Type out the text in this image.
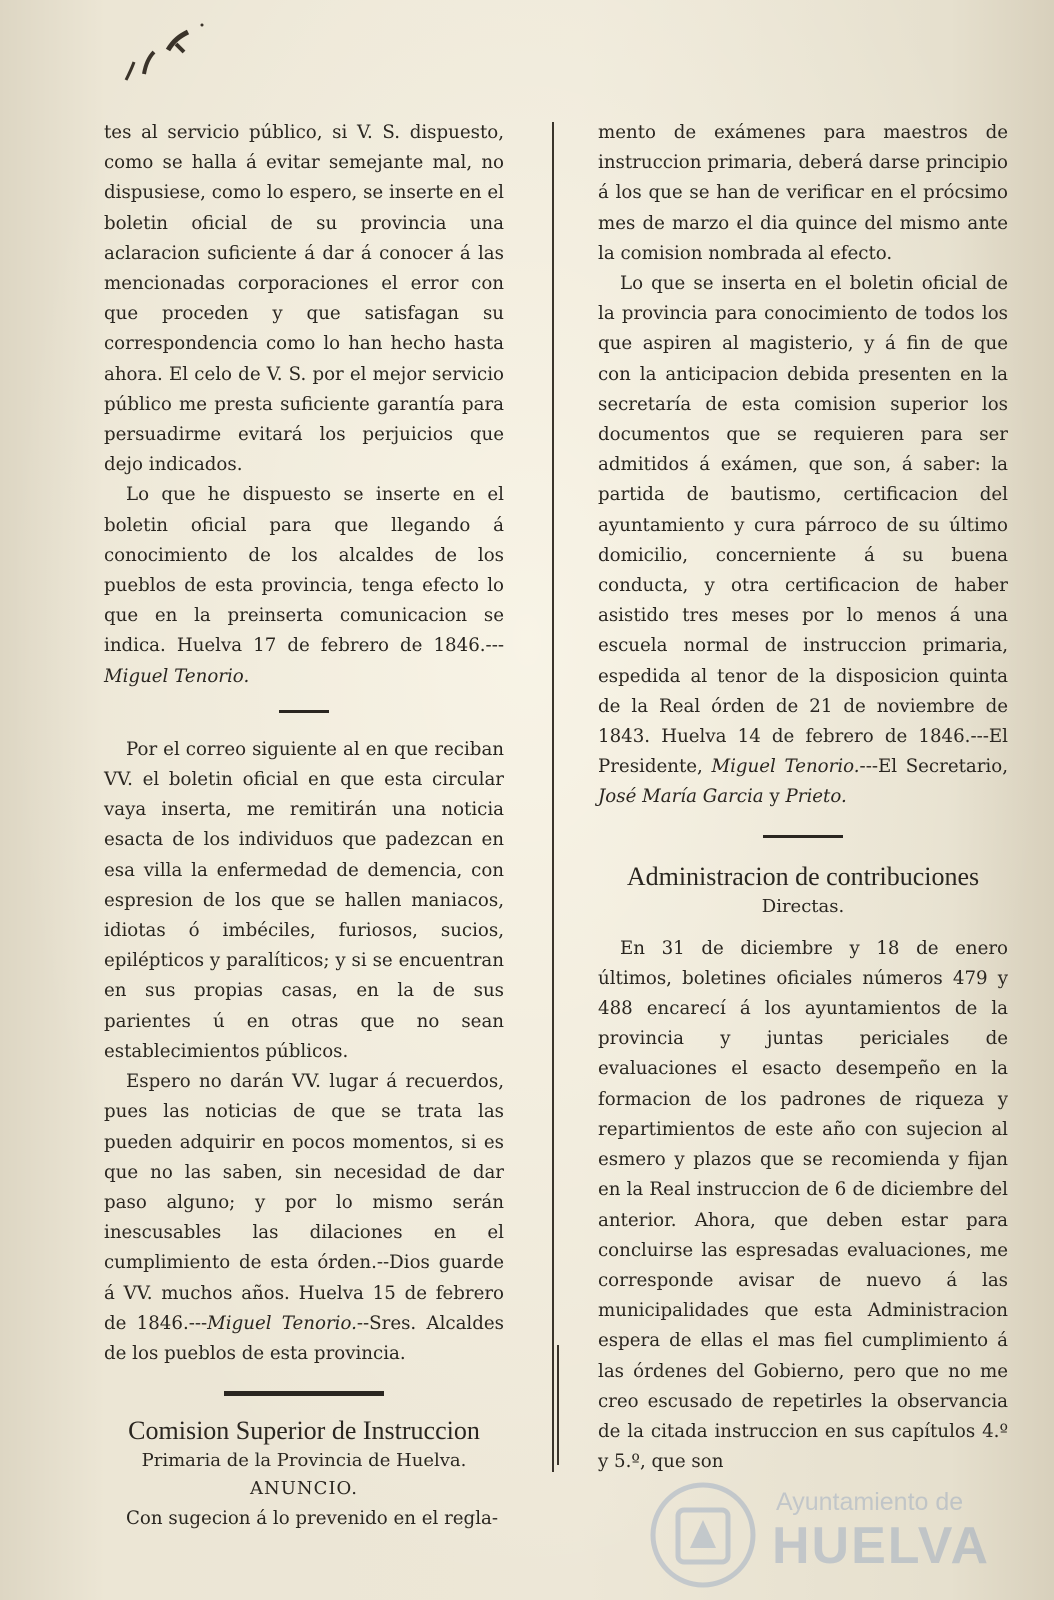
tes al servicio público, si V. S. dispuesto, como se halla á evitar semejante mal, no dispusiese, como lo espero, se inserte en el boletin oficial de su provincia una aclaracion suficiente á dar á conocer á las mencionadas corporaciones el error con que proceden y que satisfagan su correspondencia como lo han hecho hasta ahora. El celo de V. S. por el mejor servicio público me presta suficiente garantía para persuadirme evitará los perjuicios que dejo indicados.

Lo que he dispuesto se inserte en el boletin oficial para que llegando á conocimiento de los alcaldes de los pueblos de esta provincia, tenga efecto lo que en la preinserta comunicacion se indica. Huelva 17 de febrero de 1846.---Miguel Tenorio.

Por el correo siguiente al en que reciban VV. el boletin oficial en que esta circular vaya inserta, me remitirán una noticia esacta de los individuos que padezcan en esa villa la enfermedad de demencia, con espresion de los que se hallen maniacos, idiotas ó imbéciles, furiosos, sucios, epilépticos y paralíticos; y si se encuentran en sus propias casas, en la de sus parientes ú en otras que no sean establecimientos públicos.

Espero no darán VV. lugar á recuerdos, pues las noticias de que se trata las pueden adquirir en pocos momentos, si es que no las saben, sin necesidad de dar paso alguno; y por lo mismo serán inescusables las dilaciones en el cumplimiento de esta órden.--Dios guarde á VV. muchos años. Huelva 15 de febrero de 1846.---Miguel Tenorio.--Sres. Alcaldes de los pueblos de esta provincia.

Comision Superior de Instruccion

Primaria de la Provincia de Huelva.

ANUNCIO.

Con sugecion á lo prevenido en el regla-

mento de exámenes para maestros de instruccion primaria, deberá darse principio á los que se han de verificar en el prócsimo mes de marzo el dia quince del mismo ante la comision nombrada al efecto.

Lo que se inserta en el boletin oficial de la provincia para conocimiento de todos los que aspiren al magisterio, y á fin de que con la anticipacion debida presenten en la secretaría de esta comision superior los documentos que se requieren para ser admitidos á exámen, que son, á saber: la partida de bautismo, certificacion del ayuntamiento y cura párroco de su último domicilio, concerniente á su buena conducta, y otra certificacion de haber asistido tres meses por lo menos á una escuela normal de instruccion primaria, espedida al tenor de la disposicion quinta de la Real órden de 21 de noviembre de 1843. Huelva 14 de febrero de 1846.---El Presidente, Miguel Tenorio.---El Secretario, José María Garcia y Prieto.

Administracion de contribuciones

Directas.

En 31 de diciembre y 18 de enero últimos, boletines oficiales números 479 y 488 encarecí á los ayuntamientos de la provincia y juntas periciales de evaluaciones el esacto desempeño en la formacion de los padrones de riqueza y repartimientos de este año con sujecion al esmero y plazos que se recomienda y fijan en la Real instruccion de 6 de diciembre del anterior. Ahora, que deben estar para concluirse las espresadas evaluaciones, me corresponde avisar de nuevo á las municipalidades que esta Administracion espera de ellas el mas fiel cumplimiento á las órdenes del Gobierno, pero que no me creo escusado de repetirles la observancia de la citada instruccion en sus capítulos 4.º y 5.º, que son

Ayuntamiento de
HUELVA
